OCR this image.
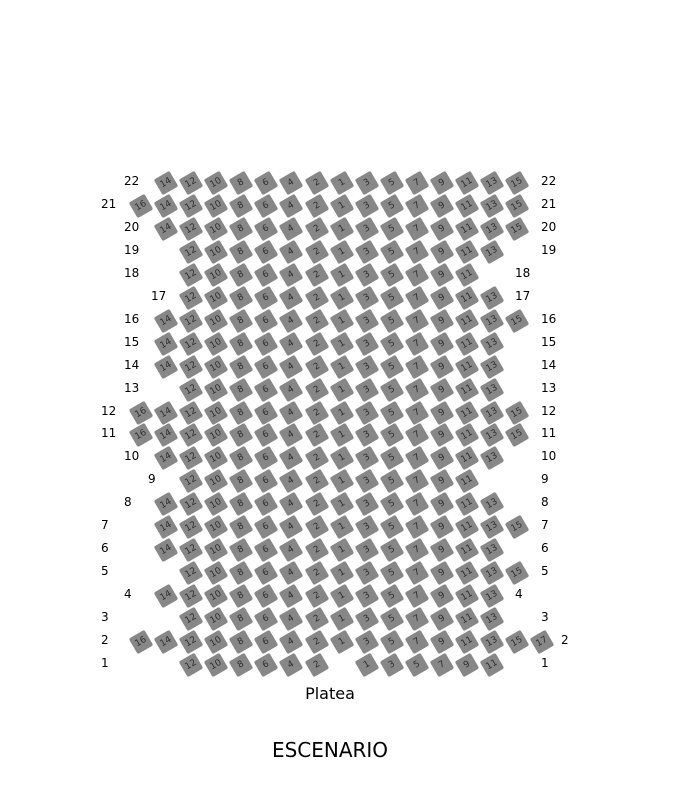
22	22
14 12 10 8 6 4 2 1 3 5 7 9 11 13 15
21	21
16 14 12 10 8 6 4 2 1 3 5 7 9 11 13 15
20	20
14 12 10 8 6 4 2 1 3 5 7 9 11 13 15
19	19
12 10 8 6 4 2 1 3 5 7 9 11 13
18	18
12 10 8 6 4 2 1 3 5 7 9 11
17	17
12 10 8 6 4 2 1 3 5 7 9 11 13
16	16
14 12 10 8 6 4 2 1 3 5 7 9 11 13 15
15	15
14 12 10 8 6 4 2 1 3 5 7 9 11 13
14	14
14 12 10 8 6 4 2 1 3 5 7 9 11 13
13	13
12 10 8 6 4 2 1 3 5 7 9 11 13
12	12
16 14 12 10 8 6 4 2 1 3 5 7 9 11 13 15
11	11
16 14 12 10 8 6 4 2 1 3 5 7 9 11 13 15
10	10
14 12 10 8 6 4 2 1 3 5 7 9 11 13
9	9
12 10 8 6 4 2 1 3 5 7 9 11
8	8
14 12 10 8 6 4 2 1 3 5 7 9 11 13
7	7
14 12 10 8 6 4 2 1 3 5 7 9 11 13 15
6	6
14 12 10 8 6 4 2 1 3 5 7 9 11 13
5	5
12 10 8 6 4 2 1 3 5 7 9 11 13 15
4	4
14 12 10 8 6 4 2 1 3 5 7 9 11 13
3	3
12 10 8 6 4 2 1 3 5 7 9 11 13
2	2
16 14 12 10 8 6 4 2 1 3 5 7 9 11 13 15 17
1	1
12 10 8 6 4 2	1 3 5 7 9 11
Platea
ESCENARIO
